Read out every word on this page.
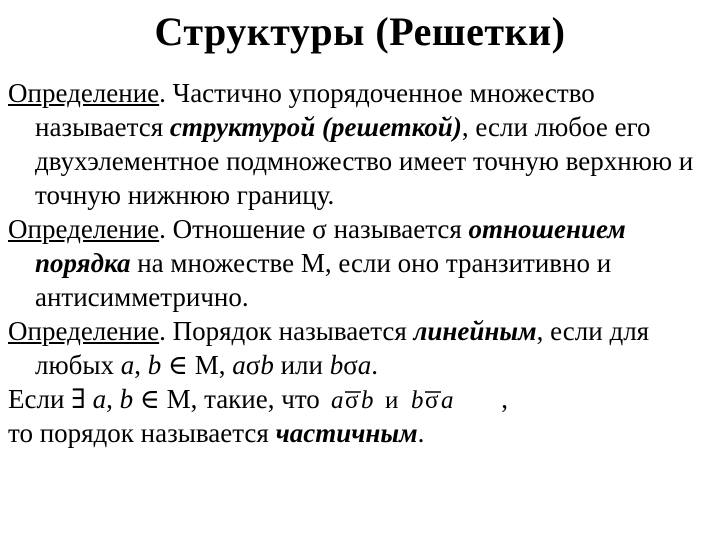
Структуры (Решетки)

Определение. Частично упорядоченное множество называется структурой (решеткой), если любое его двухэлементное подмножество имеет точную верхнюю и точную нижнюю границу.

Определение. Отношение σ называется отношением порядка на множестве М, если оно транзитивно и антисимметрично.

Определение. Порядок называется линейным, если для любых a, b ∈ М, aσb или bσa.

Если ∃ a, b ∈ М, такие, что a σ b и b σ a ,

то порядок называется частичным.
